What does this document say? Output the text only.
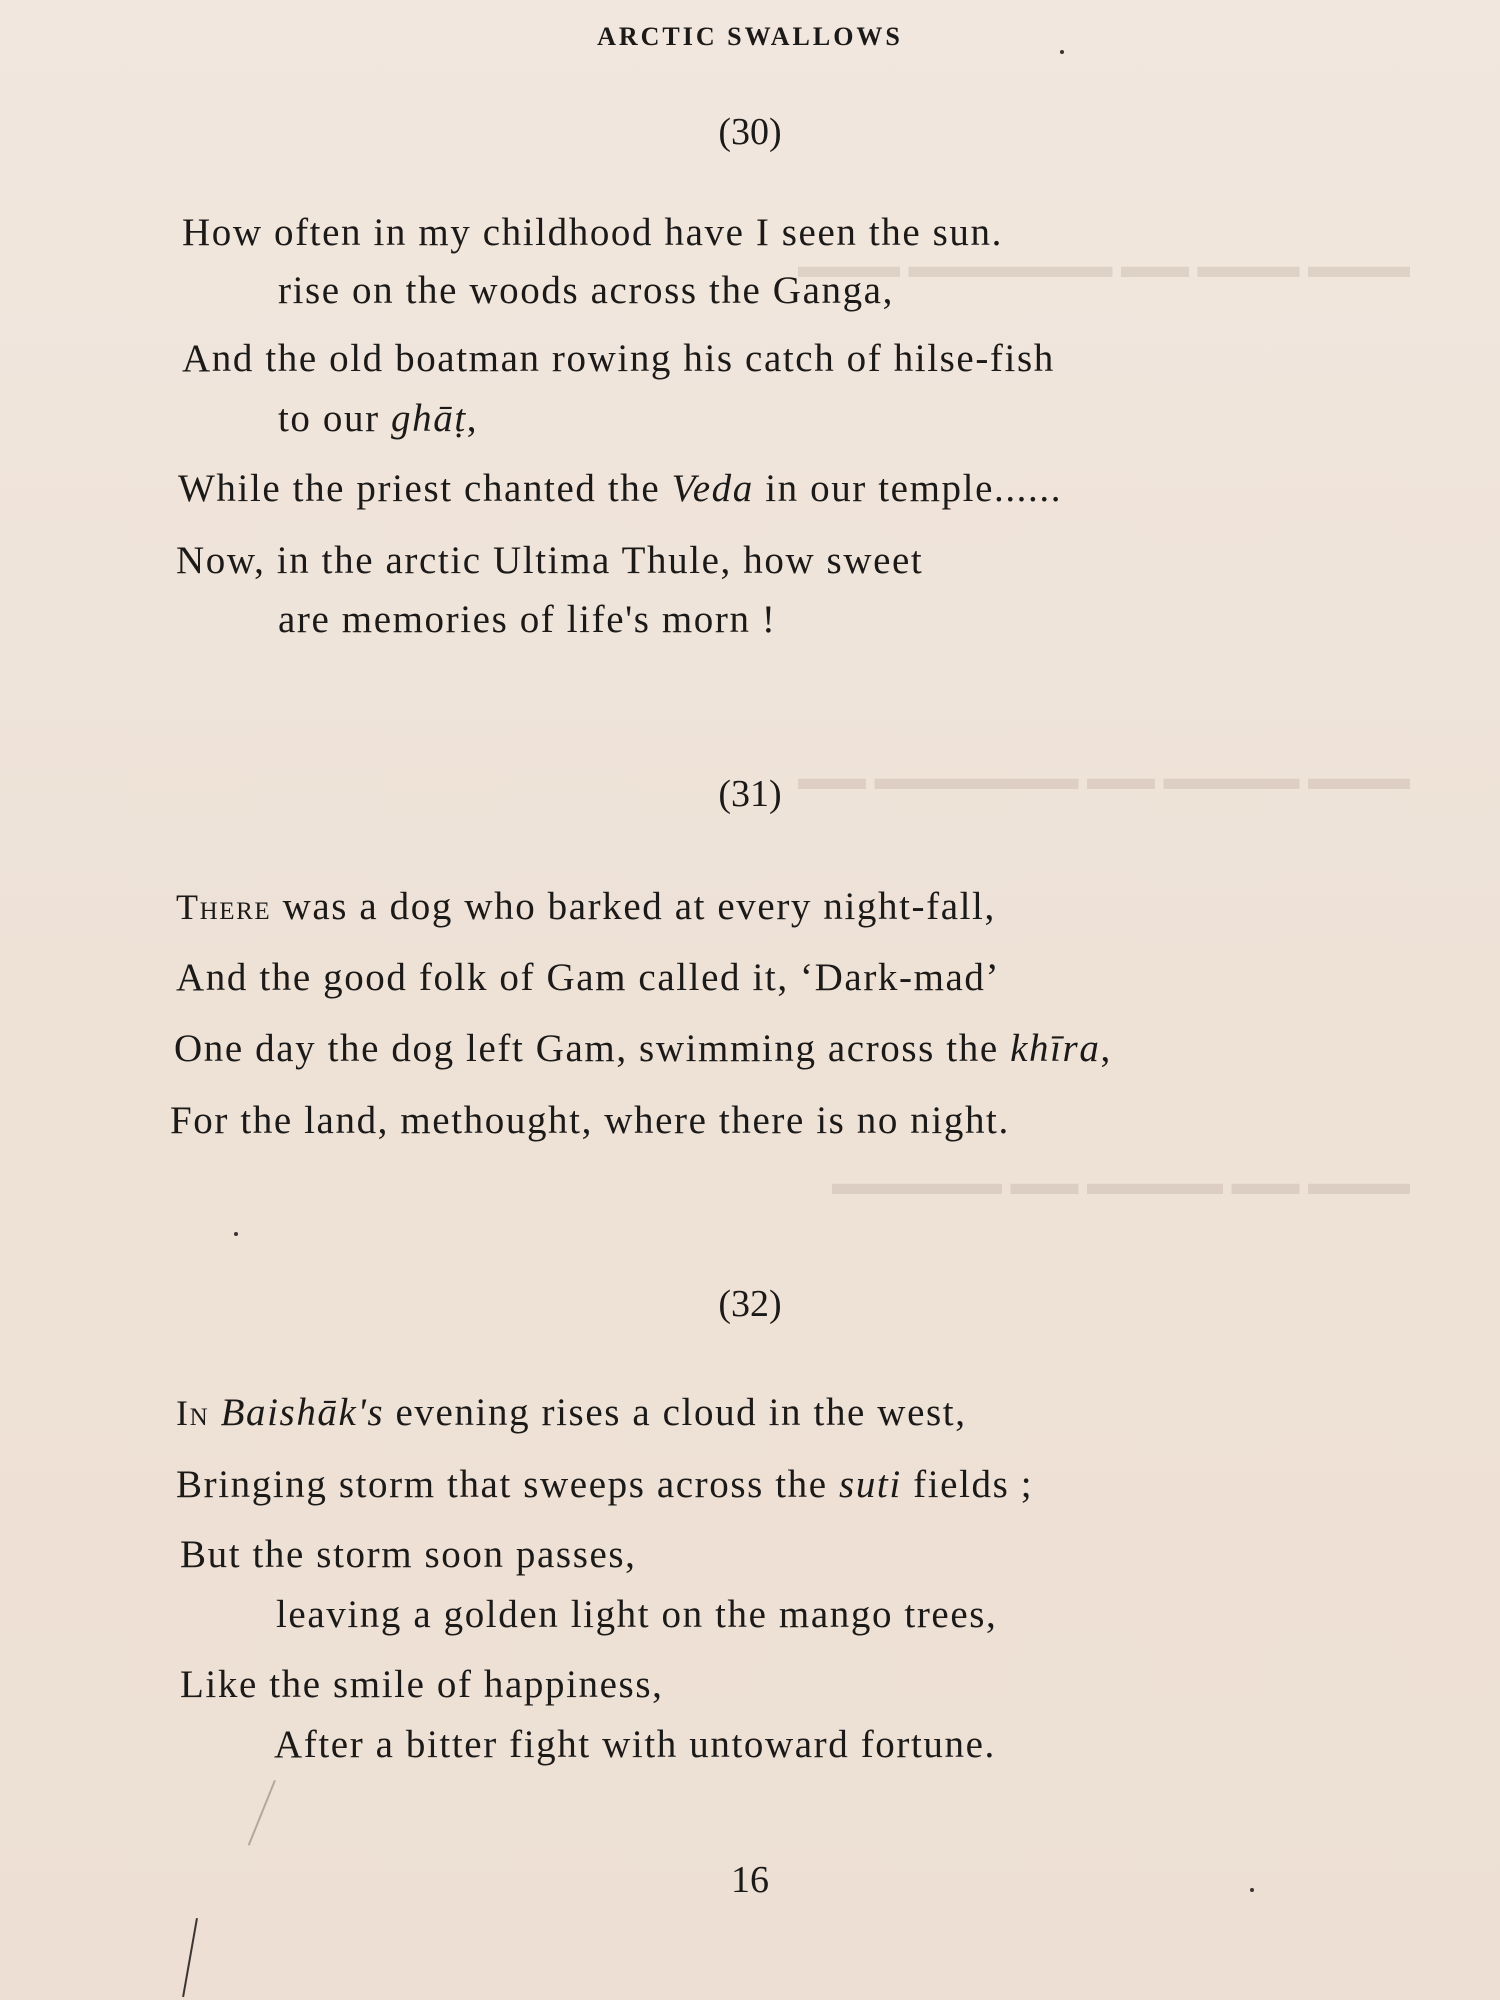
▬▬▬ ▬▬▬ ▬▬ ▬▬▬▬▬▬ ▬▬▬
▬▬▬ ▬▬▬▬ ▬▬ ▬▬▬▬▬▬ ▬▬
▬▬▬ ▬▬ ▬▬▬▬ ▬▬ ▬▬▬▬▬
ARCTIC SWALLOWS
(30)
How often in my childhood have I seen the sun.
rise on the woods across the Ganga,
And the old boatman rowing his catch of hilse-fish
to our ghāṭ,
While the priest chanted the Veda in our temple......
Now, in the arctic Ultima Thule, how sweet
are memories of life's morn !
(31)
There was a dog who barked at every night-fall,
And the good folk of Gam called it, ‘Dark-mad’
One day the dog left Gam, swimming across the khīra,
For the land, methought, where there is no night.
(32)
In Baishāk's evening rises a cloud in the west,
Bringing storm that sweeps across the suti fields ;
But the storm soon passes,
leaving a golden light on the mango trees,
Like the smile of happiness,
After a bitter fight with untoward fortune.
16
